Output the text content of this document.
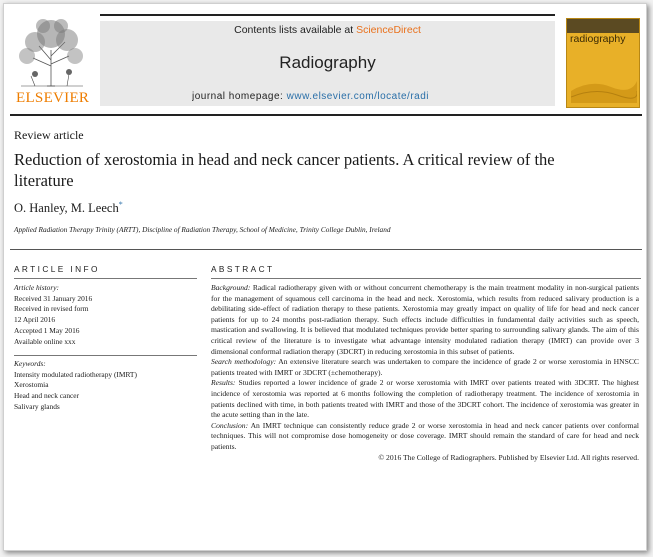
ELSEVIER
Contents lists available at ScienceDirect
Radiography
journal homepage: www.elsevier.com/locate/radi
radiography
Review article
Reduction of xerostomia in head and neck cancer patients. A critical review of the literature
O. Hanley, M. Leech*
Applied Radiation Therapy Trinity (ARTT), Discipline of Radiation Therapy, School of Medicine, Trinity College Dublin, Ireland
ARTICLE INFO
Article history:
Received 31 January 2016
Received in revised form
12 April 2016
Accepted 1 May 2016
Available online xxx
Keywords:
Intensity modulated radiotherapy (IMRT)
Xerostomia
Head and neck cancer
Salivary glands
ABSTRACT

Background: Radical radiotherapy given with or without concurrent chemotherapy is the main treatment modality in non-surgical patients for the management of squamous cell carcinoma in the head and neck. Xerostomia, which results from reduced salivary production is a debilitating side-effect of radiation therapy to these patients. Xerostomia may greatly impact on quality of life for head and neck cancer patients for up to 24 months post-radiation therapy. Such effects include difficulties in fundamental daily activities such as speech, mastication and swallowing. It is believed that modulated techniques provide better sparing to surrounding salivary glands. The aim of this critical review of the literature is to investigate what advantage intensity modulated radiation therapy (IMRT) can provide over 3 dimensional conformal radiation therapy (3DCRT) in reducing xerostomia in this subset of patients.

Search methodology: An extensive literature search was undertaken to compare the incidence of grade 2 or worse xerostomia in HNSCC patients treated with IMRT or 3DCRT (±chemotherapy).

Results: Studies reported a lower incidence of grade 2 or worse xerostomia with IMRT over patients treated with 3DCRT. The highest incidence of xerostomia was reported at 6 months following the completion of radiotherapy treatment. The incidence of xerostomia in patients declined with time, in both patients treated with IMRT and those of the 3DCRT cohort. The incidence of xerostomia was greater in the acute setting than in the late.

Conclusion: An IMRT technique can consistently reduce grade 2 or worse xerostomia in head and neck cancer patients over conformal techniques. This will not compromise dose homogeneity or dose coverage. IMRT should remain the standard of care for head and neck patients.

© 2016 The College of Radiographers. Published by Elsevier Ltd. All rights reserved.
